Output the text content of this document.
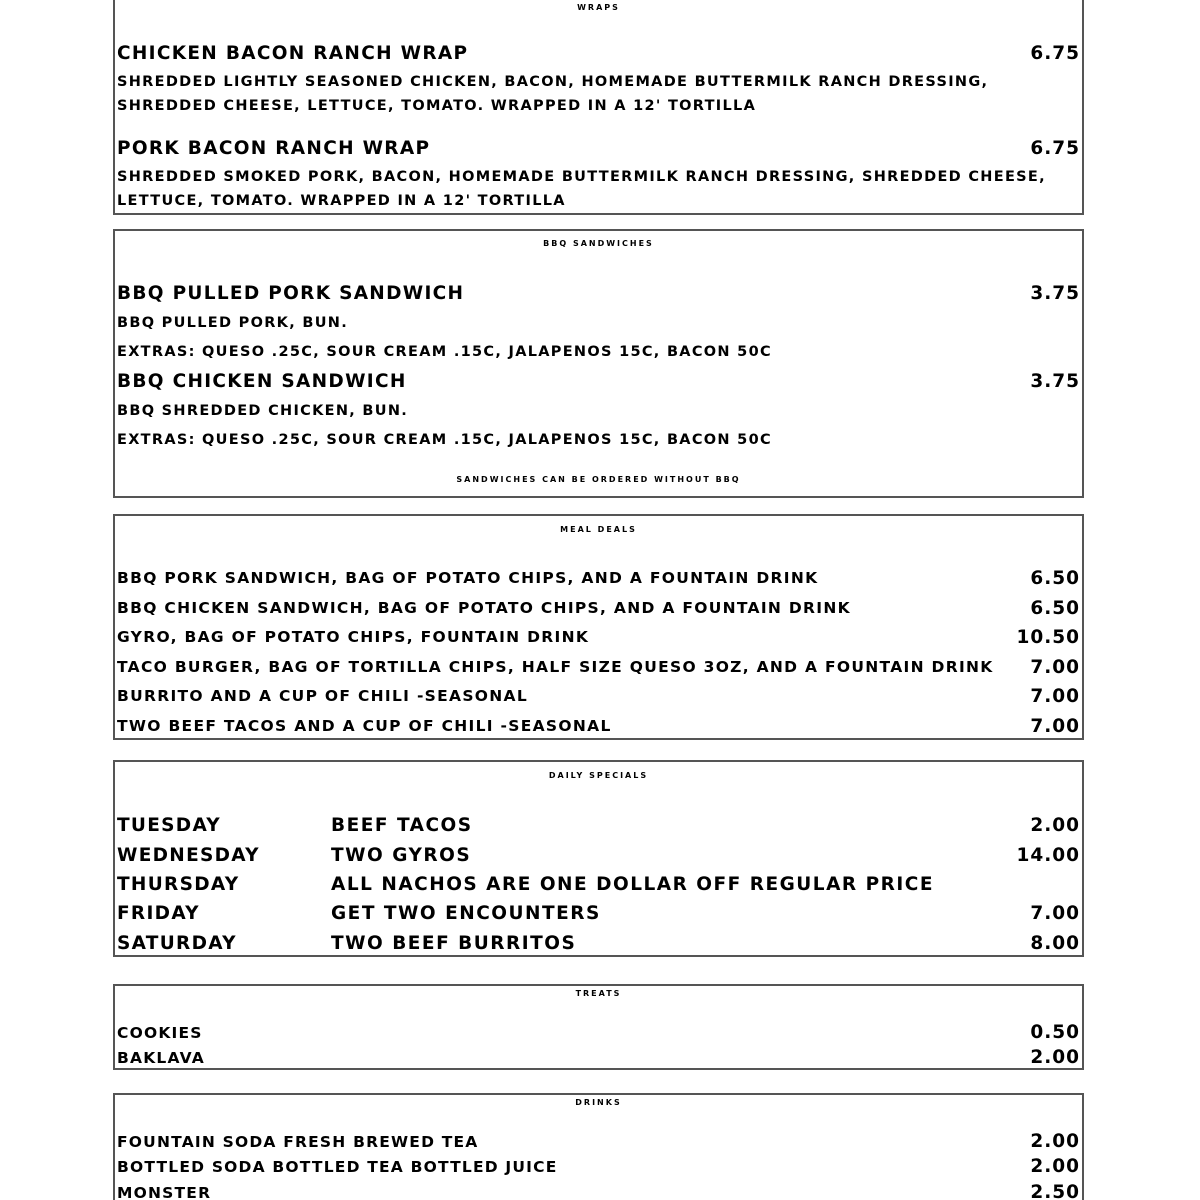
WRAPS
CHICKEN BACON RANCH WRAP	6.75
SHREDDED LIGHTLY SEASONED CHICKEN, BACON, HOMEMADE BUTTERMILK RANCH DRESSING,
SHREDDED CHEESE, LETTUCE, TOMATO. WRAPPED IN A 12' TORTILLA
PORK BACON RANCH WRAP	6.75
SHREDDED SMOKED PORK, BACON, HOMEMADE BUTTERMILK RANCH DRESSING, SHREDDED CHEESE,
LETTUCE, TOMATO. WRAPPED IN A 12' TORTILLA
BBQ SANDWICHES
BBQ PULLED PORK SANDWICH	3.75
BBQ PULLED PORK, BUN.
EXTRAS: QUESO .25C, SOUR CREAM .15C, JALAPENOS 15C, BACON 50C
BBQ CHICKEN SANDWICH	3.75
BBQ SHREDDED CHICKEN, BUN.
EXTRAS: QUESO .25C, SOUR CREAM .15C, JALAPENOS 15C, BACON 50C
SANDWICHES CAN BE ORDERED WITHOUT BBQ
MEAL DEALS
BBQ PORK SANDWICH, BAG OF POTATO CHIPS, AND A FOUNTAIN DRINK	6.50
BBQ CHICKEN SANDWICH, BAG OF POTATO CHIPS, AND A FOUNTAIN DRINK	6.50
GYRO, BAG OF POTATO CHIPS, FOUNTAIN DRINK	10.50
TACO BURGER, BAG OF TORTILLA CHIPS, HALF SIZE QUESO 3OZ, AND A FOUNTAIN DRINK 7.00
BURRITO AND A CUP OF CHILI -SEASONAL	7.00
TWO BEEF TACOS AND A CUP OF CHILI -SEASONAL	7.00
DAILY SPECIALS
TUESDAY	BEEF TACOS	2.00
WEDNESDAY	TWO GYROS	14.00
THURSDAY	ALL NACHOS ARE ONE DOLLAR OFF REGULAR PRICE
FRIDAY	GET TWO ENCOUNTERS	7.00
SATURDAY	TWO BEEF BURRITOS	8.00
TREATS
COOKIES	0.50
BAKLAVA	2.00
DRINKS
FOUNTAIN SODA FRESH BREWED TEA	2.00
BOTTLED SODA BOTTLED TEA BOTTLED JUICE	2.00
MONSTER	2.50
